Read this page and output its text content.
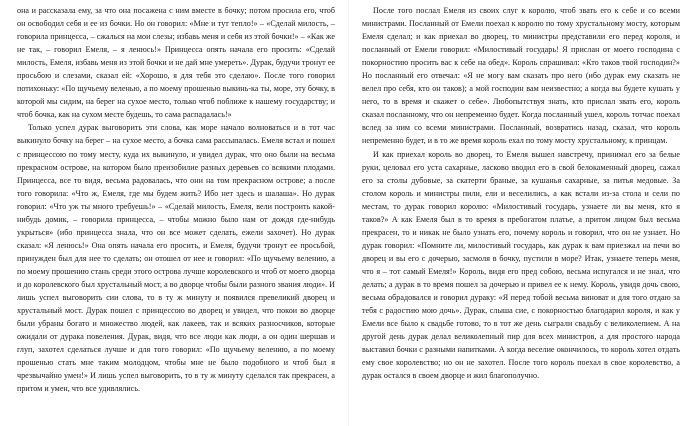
она и рассказала ему, за что она посажена с ним вместе в бочку; потом просила его, чтоб он освободил себя и ее из бочки. Но он говорил: «Мне и тут тепло!» – «Сделай милость, – говорила принцесса, – сжалься на мои слезы; избавь меня и себя из этой бочки!» – «Как же не так, – говорил Емеля, – я ленюсь!» Принцесса опять начала его просить: «Сделай милость, Емеля, избавь меня из этой бочки и не дай мне умереть». Дурак, будучи тронут ее просьбою и слезами, сказал ей: «Хорошо, я для тебя это сделаю». После того говорил потихоньку: «По щучьему веленью, а по моему прошенью выкинь-ка ты, море, эту бочку, в которой мы сидим, на берег на сухое место, только чтоб поближе к нашему государству; и чтоб бочка, как на сухом месте будешь, то сама распадалась!»

Только успел дурак выговорить эти слова, как море начало волноваться и в тот час выкинуло бочку на берег – на сухое место, а бочка сама рассыпалась. Емеля встал и пошел с принцессою по тому месту, куда их выкинуло, и увидел дурак, что оно были на весьма прекрасном острове, на котором было преизобилие разных деревьев со всякими плодами. Принцесса, все то видя, весьма радовалась, что они на том прекрасном острове; а после того говорила: «Что ж, Емеля, где мы будем жить? Ибо нет здесь и шалаша». Но дурак говорил: «Что уж ты много требуешь!» – «Сделай милость, Емеля, вели построить какой-нибудь домик, – говорила принцесса, – чтобы можно было нам от дождя где-нибудь укрыться» (ибо принцесса знала, что он все может сделать, ежели захочет). Но дурак сказал: «Я ленюсь!» Она опять начала его просить, и Емеля, будучи тронут ее просьбой, принужден был для нее то сделать; он отошел от нее и говорил: «По щучьему велению, а по моему прошению стань среди этого острова лучше королевского и чтоб от моего дворца и до королевского был хрустальный мост, а во дворце чтобы были разного звания люди». И лишь успел выговорить сии слова, то в ту ж минуту и появился превеликий дворец и хрустальный мост. Дурак пошел с принцессою во дворец и увидел, что покои во дворце были убраны богато и множество людей, как лакеев, так и всяких разносчиков, которые ожидали от дурака повеления. Дурак, видя, что все люди как люди, а он один шершав и глуп, захотел сделаться лучше и для того говорил: «По щучьему велению, а по моему прошенью стать мне таким молодцом, чтобы мне не было подобного и чтоб был я чрезвычайно умен!» И лишь успел выговорить, то в ту ж минуту сделался так прекрасен, а притом и умен, что все удивлялись.

После того послал Емеля из своих слуг к королю, чтоб звать его к себе и со всеми министрами. Посланный от Емели поехал к королю по тому хрустальному мосту, которым Емеля сделал; и как приехал во дворец, то министры представили его перед короля, и посланный от Емели говорил: «Милостивый государь! Я прислан от моего господина с покорностию просить вас к себе на обед». Король спрашивал: «Кто таков твой господин?» Но посланный его отвечал: «Я не могу вам сказать про него (ибо дурак ему сказать не велел про себя, кто он таков); а мой господин вам неизвестно; а когда вы будете кушать у него, то в время и скажет о себе». Любопытствуя знать, кто прислал звать его, король сказал посланному, что он непременно будет. Когда посланный ушел, король тотчас поехал вслед за ним со всеми министрами. Посланный, возвратись назад, сказал, что король непременно будет, и в то же время король ехал по тому мосту хрустальному, к принцам.

И как приехал король во дворец, то Емеля вышел навстречу, принимал его за белые руки, целовал его уста сахарные, ласково вводил его в свой белокаменный дворец, сажал его за столы дубовые, за скатерти браные, за кушанья сахарные, за питья медовые. За столом король и министры пили, ели и веселились, а как встали из-за стола и сели по местам, то дурак говорил королю: «Милостивый государь, узнаете ли вы меня, кто я таков?» А как Емеля был в то время в пребогатом платье, а притом лицом был весьма прекрасен, то и никак не было узнать его, почему король и говорил, что он не узнает. Но дурак говорил: «Помните ли, милостивый государь, как дурак к вам приезжал на печи во дворец и вы его с дочерью, засмоля в бочку, пустили в море? Итак, узнаете теперь меня, что я – тот самый Емеля!» Король, видя его пред собою, весьма испугался и не знал, что делать; а дурак в то время пошел за дочерью и привел ее к нему. Король, увидя дочь свою, весьма обрадовался и говорил дураку: «Я перед тобой весьма виноват и для того отдаю за тебя с радостию мою дочь». Дурак, слыша сие, с покорностью благодарил короля, и как у Емели все было к свадьбе готово, то в тот же день сыграли свадьбу с великолепием. А на другой день дурак делал великолепный пир для всех министров, а для простого народа выставил бочки с разными напитками. А когда веселие окончилось, то король хотел отдать ему свое королевство; но он не захотел. После того король поехал в свое королевство, а дурак остался в своем дворце и жил благополучно.
